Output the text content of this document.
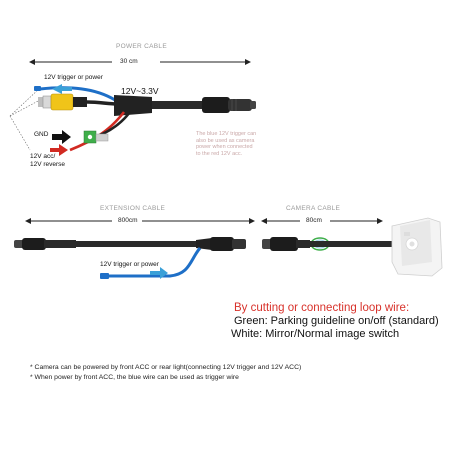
POWER CABLE
30 cm
12V trigger or power
12V~3.3V
GND
12V acc/
12V reverse
The blue 12V trigger can also be used as camera power when connected to the red 12V acc.
EXTENSION CABLE
800cm
12V trigger or power
CAMERA CABLE
80cm
By cutting or connecting loop wire:
Green: Parking guideline on/off (standard)
White: Mirror/Normal image switch
* Camera can be powered by front ACC or rear light(connecting 12V trigger and 12V ACC)
* When power by front ACC, the blue wire can be used as trigger wire
